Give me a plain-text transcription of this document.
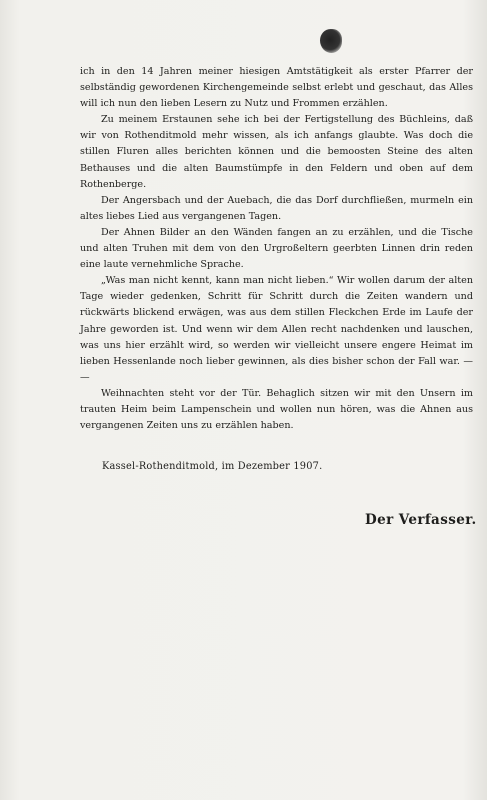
ich in den 14 Jahren meiner hiesigen Amtstätigkeit als erster Pfarrer der selbständig gewordenen Kirchengemeinde selbst erlebt und geschaut, das Alles will ich nun den lieben Lesern zu Nutz und Frommen erzählen.

Zu meinem Erstaunen sehe ich bei der Fertigstellung des Büchleins, daß wir von Rothenditmold mehr wissen, als ich anfangs glaubte. Was doch die stillen Fluren alles berichten können und die bemoosten Steine des alten Bethauses und die alten Baumstümpfe in den Feldern und oben auf dem Rothenberge.

Der Angersbach und der Auebach, die das Dorf durchfließen, murmeln ein altes liebes Lied aus vergangenen Tagen.

Der Ahnen Bilder an den Wänden fangen an zu erzählen, und die Tische und alten Truhen mit dem von den Urgroßeltern geerbten Linnen drin reden eine laute vernehmliche Sprache.

„Was man nicht kennt, kann man nicht lieben.“ Wir wollen darum der alten Tage wieder gedenken, Schritt für Schritt durch die Zeiten wandern und rückwärts blickend erwägen, was aus dem stillen Fleckchen Erde im Laufe der Jahre geworden ist. Und wenn wir dem Allen recht nachdenken und lauschen, was uns hier erzählt wird, so werden wir vielleicht unsere engere Heimat im lieben Hessenlande noch lieber gewinnen, als dies bisher schon der Fall war. — —

Weihnachten steht vor der Tür. Behaglich sitzen wir mit den Unsern im trauten Heim beim Lampenschein und wollen nun hören, was die Ahnen aus vergangenen Zeiten uns zu erzählen haben.

Kassel-Rothenditmold, im Dezember 1907.
Der Verfasser.
